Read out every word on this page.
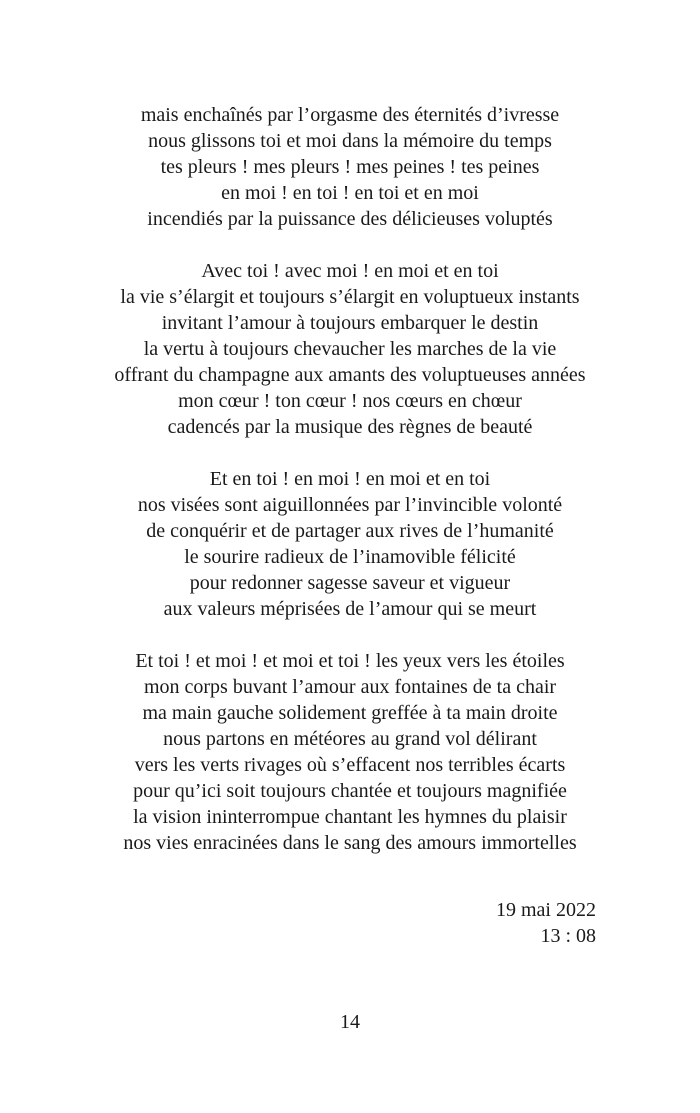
mais enchaînés par l’orgasme des éternités d’ivresse
nous glissons toi et moi dans la mémoire du temps
tes pleurs ! mes pleurs ! mes peines ! tes peines
en moi ! en toi ! en toi et en moi
incendiés par la puissance des délicieuses voluptés
Avec toi ! avec moi ! en moi et en toi
la vie s’élargit et toujours s’élargit en voluptueux instants
invitant l’amour à toujours embarquer le destin
la vertu à toujours chevaucher les marches de la vie
offrant du champagne aux amants des voluptueuses années
mon cœur ! ton cœur ! nos cœurs en chœur
cadencés par la musique des règnes de beauté
Et en toi ! en moi ! en moi et en toi
nos visées sont aiguillonnées par l’invincible volonté
de conquérir et de partager aux rives de l’humanité
le sourire radieux de l’inamovible félicité
pour redonner sagesse saveur et vigueur
aux valeurs méprisées de l’amour qui se meurt
Et toi ! et moi ! et moi et toi ! les yeux vers les étoiles
mon corps buvant l’amour aux fontaines de ta chair
ma main gauche solidement greffée à ta main droite
nous partons en météores au grand vol délirant
vers les verts rivages où s’effacent nos terribles écarts
pour qu’ici soit toujours chantée et toujours magnifiée
la vision ininterrompue chantant les hymnes du plaisir
nos vies enracinées dans le sang des amours immortelles
19 mai 2022
13 : 08
14
